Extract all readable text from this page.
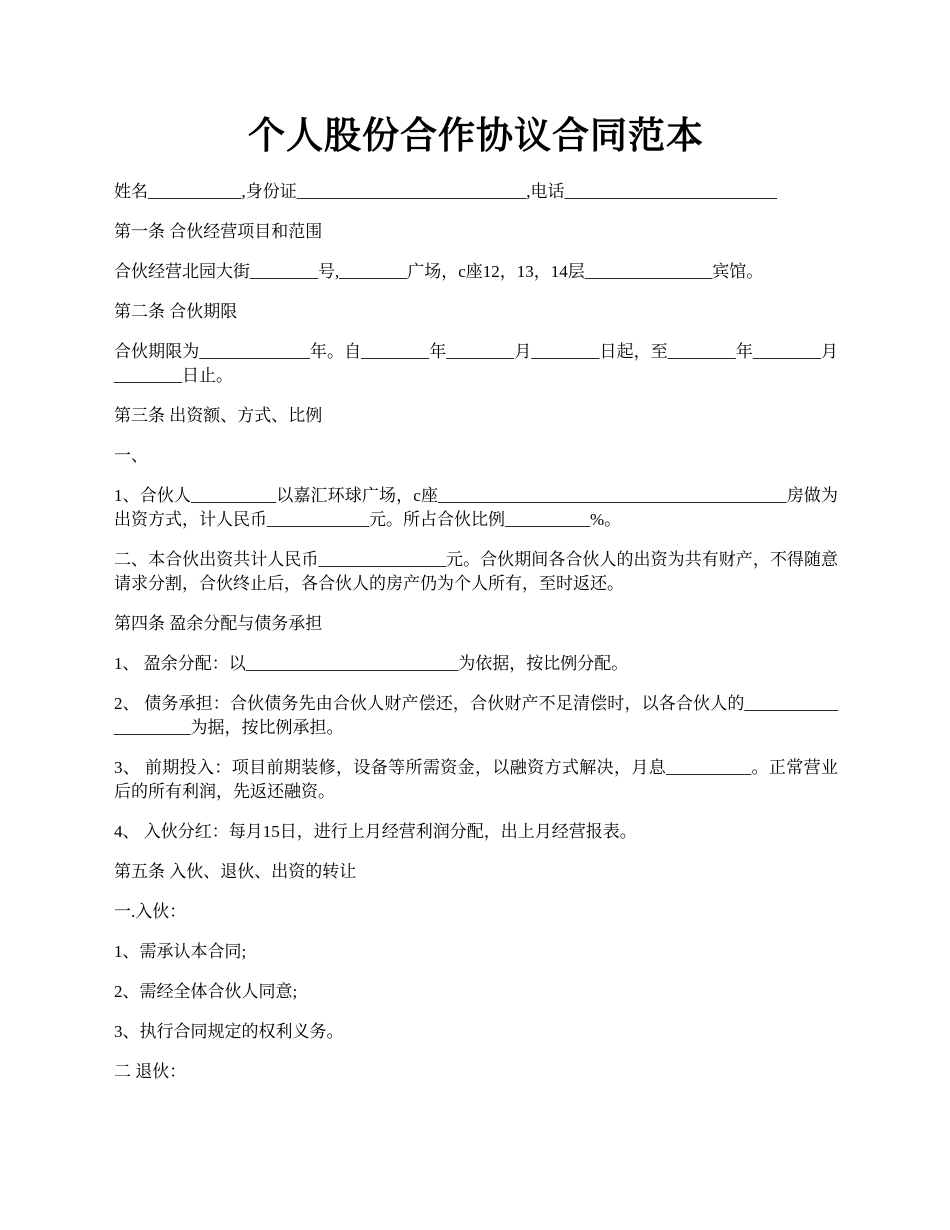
个人股份合作协议合同范本

姓名___________,身份证___________________________,电话_________________________

第一条 合伙经营项目和范围

合伙经营北园大街________号,________广场，c座12，13，14层_______________宾馆。

第二条 合伙期限

合伙期限为_____________年。自________年________月________日起，至________年________月________日止。

第三条 出资额、方式、比例

一、

1、合伙人__________以嘉汇环球广场，c座_________________________________________房做为出资方式，计人民币____________元。所占合伙比例__________%。

二、本合伙出资共计人民币_______________元。合伙期间各合伙人的出资为共有财产，不得随意请求分割，合伙终止后，各合伙人的房产仍为个人所有，至时返还。

第四条 盈余分配与债务承担

1、 盈余分配：以_________________________为依据，按比例分配。

2、 债务承担：合伙债务先由合伙人财产偿还，合伙财产不足清偿时，以各合伙人的____________________为据，按比例承担。

3、 前期投入：项目前期装修，设备等所需资金，以融资方式解决，月息__________。正常营业后的所有利润，先返还融资。

4、 入伙分红：每月15日，进行上月经营利润分配，出上月经营报表。

第五条 入伙、退伙、出资的转让

一.入伙：

1、需承认本合同;

2、需经全体合伙人同意;

3、执行合同规定的权利义务。

二 退伙：
